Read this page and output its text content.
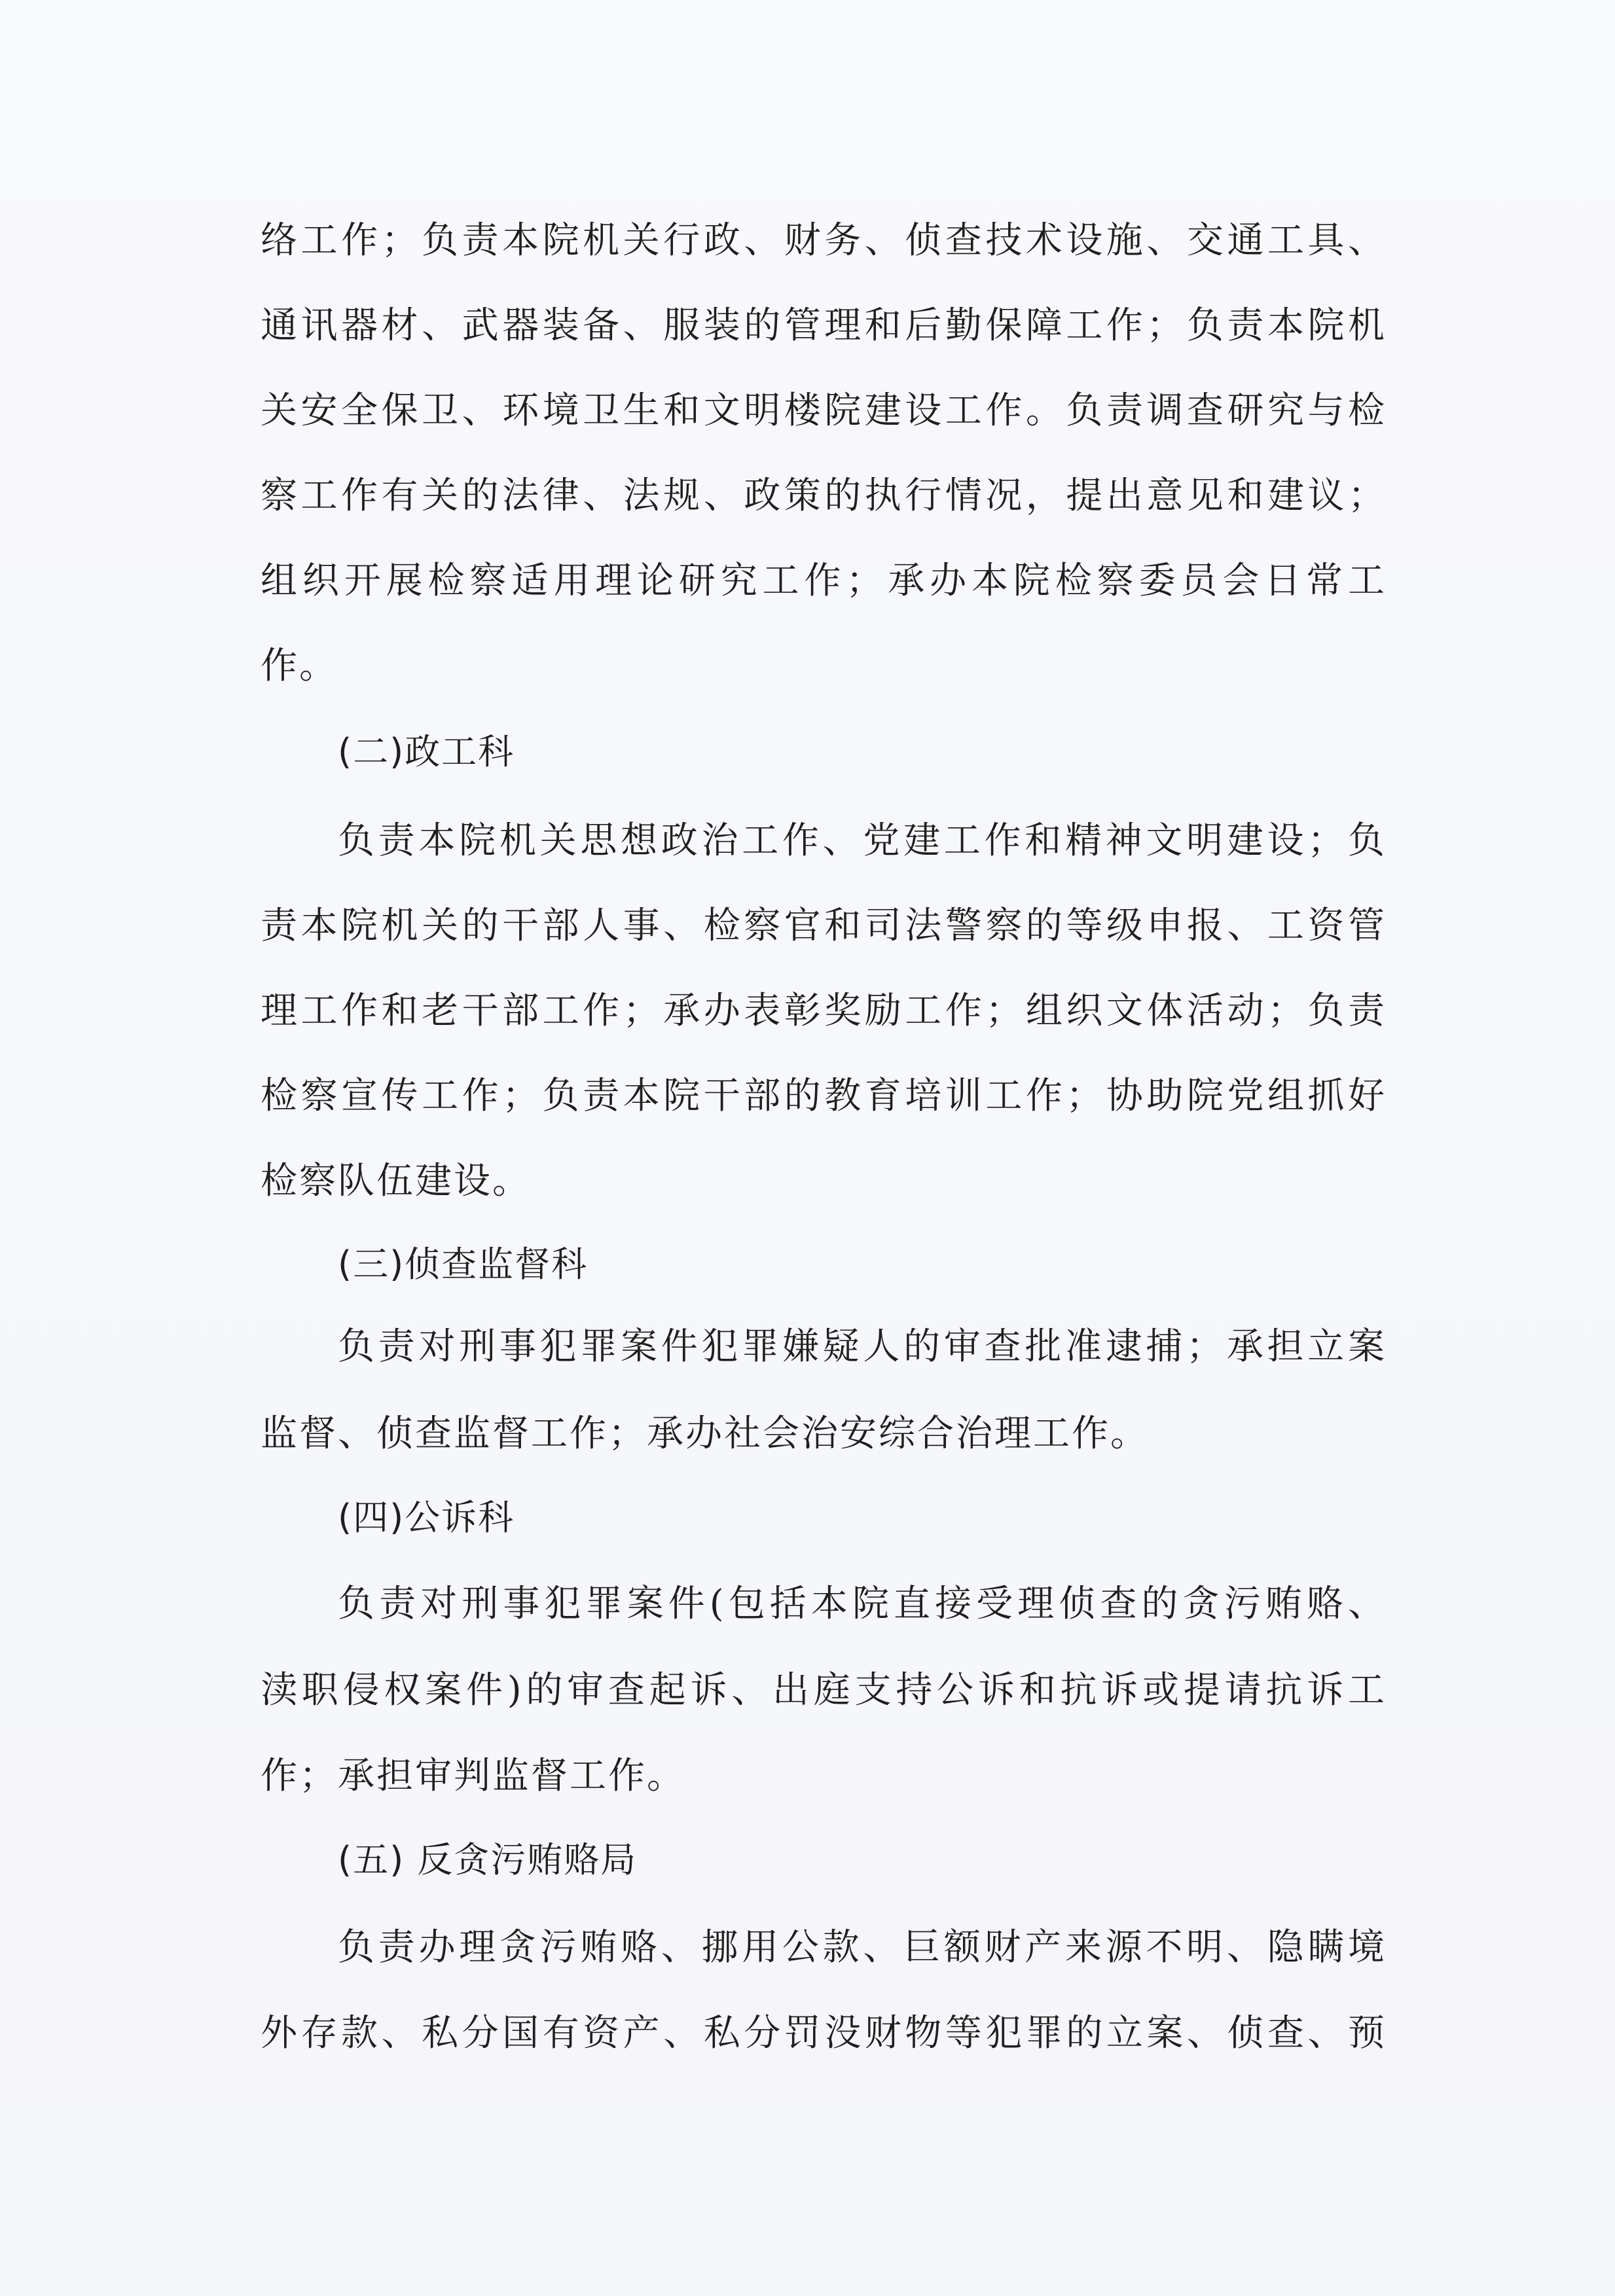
络工作；负责本院机关行政、财务、侦查技术设施、交通工具、
通讯器材、武器装备、服装的管理和后勤保障工作；负责本院机
关安全保卫、环境卫生和文明楼院建设工作。负责调查研究与检
察工作有关的法律、法规、政策的执行情况，提出意见和建议；
组织开展检察适用理论研究工作；承办本院检察委员会日常工
作。
(二)政工科
负责本院机关思想政治工作、党建工作和精神文明建设；负
责本院机关的干部人事、检察官和司法警察的等级申报、工资管
理工作和老干部工作；承办表彰奖励工作；组织文体活动；负责
检察宣传工作；负责本院干部的教育培训工作；协助院党组抓好
检察队伍建设。
(三)侦查监督科
负责对刑事犯罪案件犯罪嫌疑人的审查批准逮捕；承担立案
监督、侦查监督工作；承办社会治安综合治理工作。
(四)公诉科
负责对刑事犯罪案件(包括本院直接受理侦查的贪污贿赂、
渎职侵权案件)的审查起诉、出庭支持公诉和抗诉或提请抗诉工
作；承担审判监督工作。
(五) 反贪污贿赂局
负责办理贪污贿赂、挪用公款、巨额财产来源不明、隐瞒境
外存款、私分国有资产、私分罚没财物等犯罪的立案、侦查、预
